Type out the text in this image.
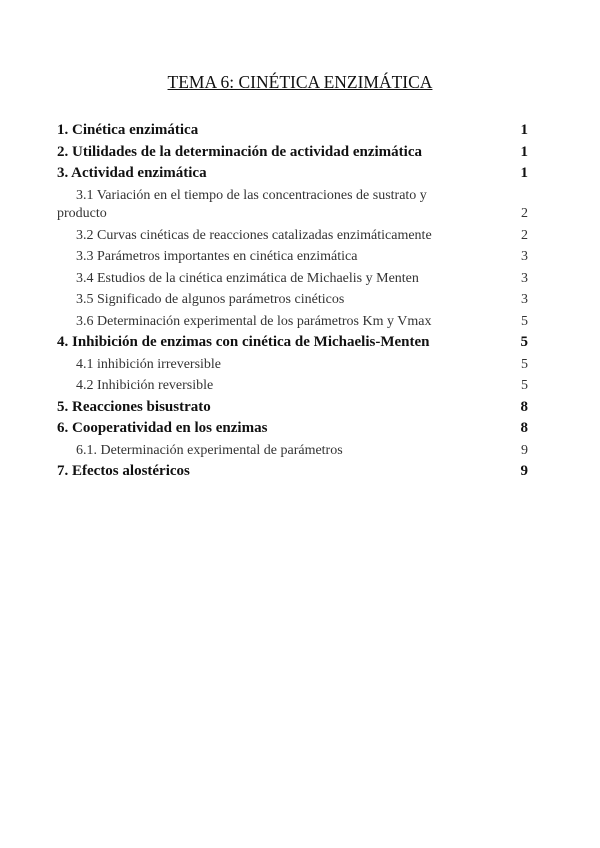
TEMA 6: CINÉTICA ENZIMÁTICA
1. Cinética enzimática	1
2. Utilidades de la determinación de actividad enzimática	1
3. Actividad enzimática	1
3.1 Variación en el tiempo de las concentraciones de sustrato y producto	2
3.2 Curvas cinéticas de reacciones catalizadas enzimáticamente	2
3.3 Parámetros importantes en cinética enzimática	3
3.4 Estudios de la cinética enzimática de Michaelis y Menten	3
3.5 Significado de algunos parámetros cinéticos	3
3.6 Determinación experimental de los parámetros Km y Vmax	5
4. Inhibición de enzimas con cinética de Michaelis-Menten	5
4.1 inhibición irreversible	5
4.2 Inhibición reversible	5
5. Reacciones bisustrato	8
6. Cooperatividad en los enzimas	8
6.1. Determinación experimental de parámetros	9
7. Efectos alostéricos	9
